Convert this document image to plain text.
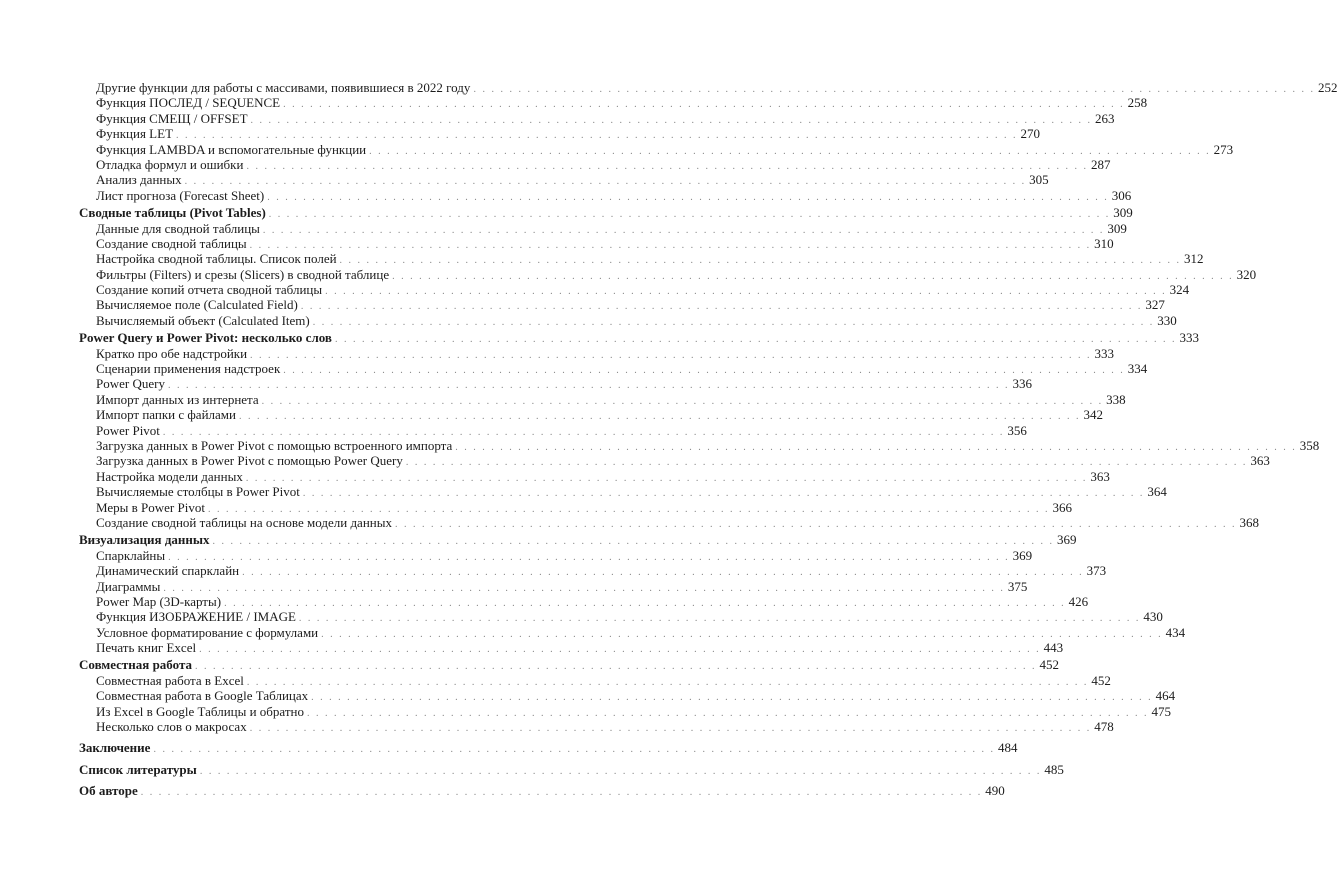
Другие функции для работы с массивами, появившиеся в 2022 году . . .	252
Функция ПОСЛЕД / SEQUENCE . . .	258
Функция СМЕЩ / OFFSET . . .	263
Функция LET . . .	270
Функция LAMBDA и вспомогательные функции . . .	273
Отладка формул и ошибки . . .	287
Анализ данных . . .	305
Лист прогноза (Forecast Sheet) . . .	306
Сводные таблицы (Pivot Tables) . . .	309
Данные для сводной таблицы . . .	309
Создание сводной таблицы . . .	310
Настройка сводной таблицы. Список полей . . .	312
Фильтры (Filters) и срезы (Slicers) в сводной таблице . . .	320
Создание копий отчета сводной таблицы . . .	324
Вычисляемое поле (Calculated Field) . . .	327
Вычисляемый объект (Calculated Item) . . .	330
Power Query и Power Pivot: несколько слов . . .	333
Кратко про обе надстройки . . .	333
Сценарии применения надстроек . . .	334
Power Query . . .	336
Импорт данных из интернета . . .	338
Импорт папки с файлами . . .	342
Power Pivot . . .	356
Загрузка данных в Power Pivot с помощью встроенного импорта . . .	358
Загрузка данных в Power Pivot с помощью Power Query . . .	363
Настройка модели данных . . .	363
Вычисляемые столбцы в Power Pivot . . .	364
Меры в Power Pivot . . .	366
Создание сводной таблицы на основе модели данных . . .	368
Визуализация данных . . .	369
Спарклайны . . .	369
Динамический спарклайн . . .	373
Диаграммы . . .	375
Power Map (3D-карты) . . .	426
Функция ИЗОБРАЖЕНИЕ / IMAGE . . .	430
Условное форматирование с формулами . . .	434
Печать книг Excel . . .	443
Совместная работа . . .	452
Совместная работа в Excel . . .	452
Совместная работа в Google Таблицах . . .	464
Из Excel в Google Таблицы и обратно . . .	475
Несколько слов о макросах . . .	478
Заключение . . .	484
Список литературы . . .	485
Об авторе . . .	490
